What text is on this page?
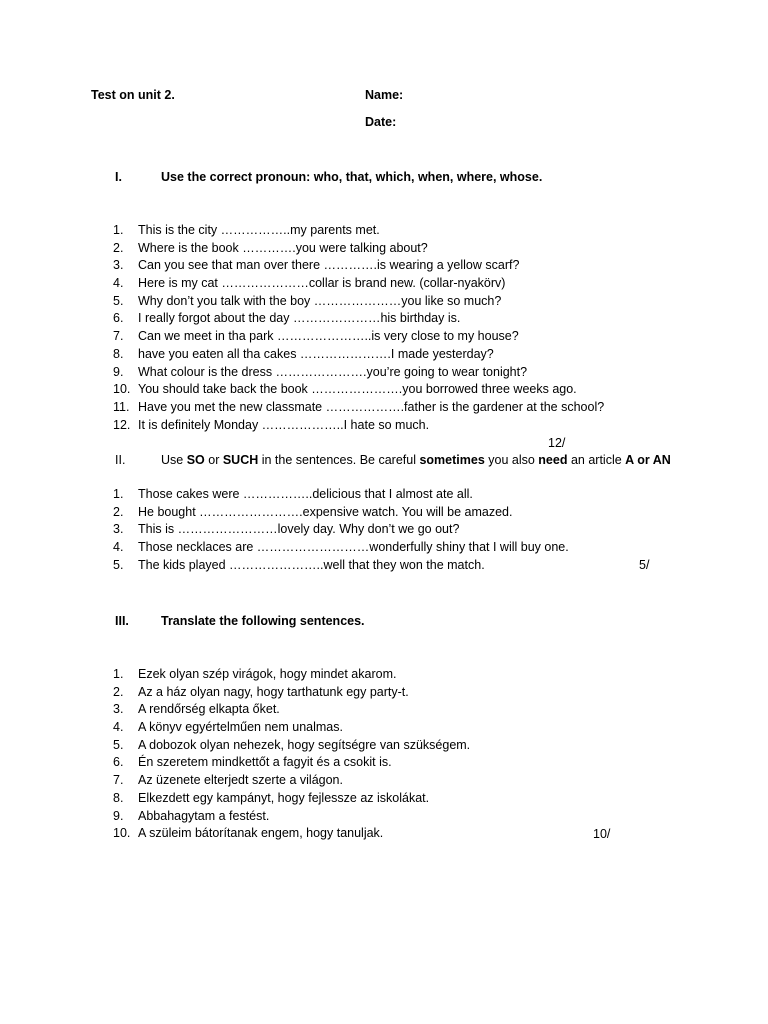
Test on unit 2.	Name:
Date:
I.	Use the correct pronoun: who, that, which, when, where, whose.
1. This is the city ……………..my parents met.
2. Where is the book ………….you were talking about?
3. Can you see that man over there ………….is wearing a yellow scarf?
4. Here is my cat …………………collar is brand new. (collar-nyakörv)
5. Why don’t you talk with the boy …………………you like so much?
6. I really forgot about the day …………………his birthday is.
7. Can we meet in tha park …………………..is very close to my house?
8. have you eaten all tha cakes ………………….I made yesterday?
9. What colour is the dress ………………….you’re going to wear tonight?
10. You should take back the book ………………….you borrowed three weeks ago.
11. Have you met the new classmate ……………….father is the gardener at the school?
12. It is definitely Monday ………………..I hate so much.
12/
II.	Use SO or SUCH in the sentences. Be careful sometimes you also need an article A or AN
1. Those cakes were ……………..delicious that I almost ate all.
2. He bought …………………….expensive watch. You will be amazed.
3. This is ……………………lovely day. Why don’t we go out?
4. Those necklaces are ………………………wonderfully shiny that I will buy one.
5. The kids played …………………..well that they won the match.	5/
III.	Translate the following sentences.
1. Ezek olyan szép virágok, hogy mindet akarom.
2. Az a ház olyan nagy, hogy tarthatunk egy party-t.
3. A rendőrség elkapta őket.
4. A könyv egyértelműen nem unalmas.
5. A dobozok olyan nehezek, hogy segítségre van szükségem.
6. Én szeretem mindkettőt a fagyit és a csokit is.
7. Az üzenete elterjedt szerte a világon.
8. Elkezdett egy kampányt, hogy fejlessze az iskolákat.
9. Abbahagytam a festést.
10. A szüleim bátorítanak engem, hogy tanuljak.	10/
